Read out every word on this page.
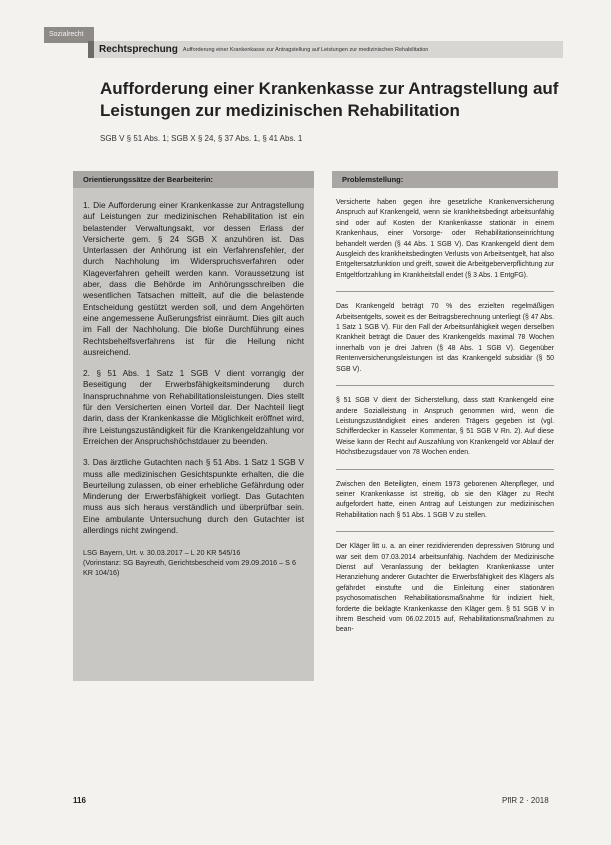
Sozialrecht
Rechtsprechung Aufforderung einer Krankenkasse zur Antragstellung auf Leistungen zur medizinischen Rehabilitation
Aufforderung einer Krankenkasse zur Antragstellung auf Leistungen zur medizinischen Rehabilitation
SGB V § 51 Abs. 1; SGB X § 24, § 37 Abs. 1, § 41 Abs. 1
Orientierungssätze der Bearbeiterin:

1. Die Aufforderung einer Krankenkasse zur Antragstellung auf Leistungen zur medizinischen Rehabilitation ist ein belastender Verwaltungsakt, vor dessen Erlass der Versicherte gem. § 24 SGB X anzuhören ist. Das Unterlassen der Anhörung ist ein Verfahrensfehler, der durch Nachholung im Widerspruchsverfahren oder Klageverfahren geheilt werden kann. Voraussetzung ist aber, dass die Behörde im Anhörungsschreiben die wesentlichen Tatsachen mitteilt, auf die die belastende Entscheidung gestützt werden soll, und dem Angehörten eine angemessene Äußerungsfrist einräumt. Dies gilt auch im Fall der Nachholung. Die bloße Durchführung eines Rechtsbehelfsverfahrens ist für die Heilung nicht ausreichend.

2. § 51 Abs. 1 Satz 1 SGB V dient vorrangig der Beseitigung der Erwerbsfähigkeitsminderung durch Inanspruchnahme von Rehabilitationsleistungen. Dies stellt für den Versicherten einen Vorteil dar. Der Nachteil liegt darin, dass der Krankenkasse die Möglichkeit eröffnet wird, ihre Leistungszuständigkeit für die Krankengeldzahlung vor Erreichen der Anspruchshöchstdauer zu beenden.

3. Das ärztliche Gutachten nach § 51 Abs. 1 Satz 1 SGB V muss alle medizinischen Gesichtspunkte erhalten, die die Beurteilung zulassen, ob einer erhebliche Gefährdung oder Minderung der Erwerbsfähigkeit vorliegt. Das Gutachten muss aus sich heraus verständlich und überprüfbar sein. Eine ambulante Untersuchung durch den Gutachter ist allerdings nicht zwingend.

LSG Bayern, Urt. v. 30.03.2017 – L 20 KR 545/16
(Vorinstanz: SG Bayreuth, Gerichtsbescheid vom 29.09.2016 – S 6 KR 104/16)
Problemstellung:

Versicherte haben gegen ihre gesetzliche Krankenversicherung Anspruch auf Krankengeld, wenn sie krankheitsbedingt arbeitsunfähig sind oder auf Kosten der Krankenkasse stationär in einem Krankenhaus, einer Vorsorge- oder Rehabilitationseinrichtung behandelt werden (§ 44 Abs. 1 SGB V). Das Krankengeld dient dem Ausgleich des krankheitsbedingten Verlusts von Arbeitsentgelt, hat also Entgeltersatzfunktion und greift, soweit die Arbeitgeberverpflichtung zur Entgeltfortzahlung im Krankheitsfall endet (§ 3 Abs. 1 EntgFG).

Das Krankengeld beträgt 70 % des erzielten regelmäßigen Arbeitsentgelts, soweit es der Beitragsberechnung unterliegt (§ 47 Abs. 1 Satz 1 SGB V). Für den Fall der Arbeitsunfähigkeit wegen derselben Krankheit beträgt die Dauer des Krankengelds maximal 78 Wochen innerhalb von je drei Jahren (§ 48 Abs. 1 SGB V). Gegenüber Rentenversicherungsleistungen ist das Krankengeld subsidiär (§ 50 SGB V).

§ 51 SGB V dient der Sicherstellung, dass statt Krankengeld eine andere Sozialleistung in Anspruch genommen wird, wenn die Leistungszuständigkeit eines anderen Trägers gegeben ist (vgl. Schifferdecker in Kasseler Kommentar, § 51 SGB V Rn. 2). Auf diese Weise kann der Recht auf Auszahlung von Krankengeld vor Ablauf der Höchstbezugsdauer von 78 Wochen enden.

Zwischen den Beteiligten, einem 1973 geborenen Altenpfleger, und seiner Krankenkasse ist streitig, ob sie den Kläger zu Recht aufgefordert hatte, einen Antrag auf Leistungen zur medizinischen Rehabilitation nach § 51 Abs. 1 SGB V zu stellen.

Der Kläger litt u. a. an einer rezidivierenden depressiven Störung und war seit dem 07.03.2014 arbeitsunfähig. Nachdem der Medizinische Dienst auf Veranlassung der beklagten Krankenkasse unter Heranziehung anderer Gutachter die Erwerbsfähigkeit des Klägers als gefährdet einstufte und die Einleitung einer stationären psychosomatischen Rehabilitationsmaßnahme für indiziert hielt, forderte die beklagte Krankenkasse den Kläger gem. § 51 SGB V in ihrem Bescheid vom 06.02.2015 auf, Rehabilitationsmaßnahmen zu bean-

116	PflR 2 · 2018
